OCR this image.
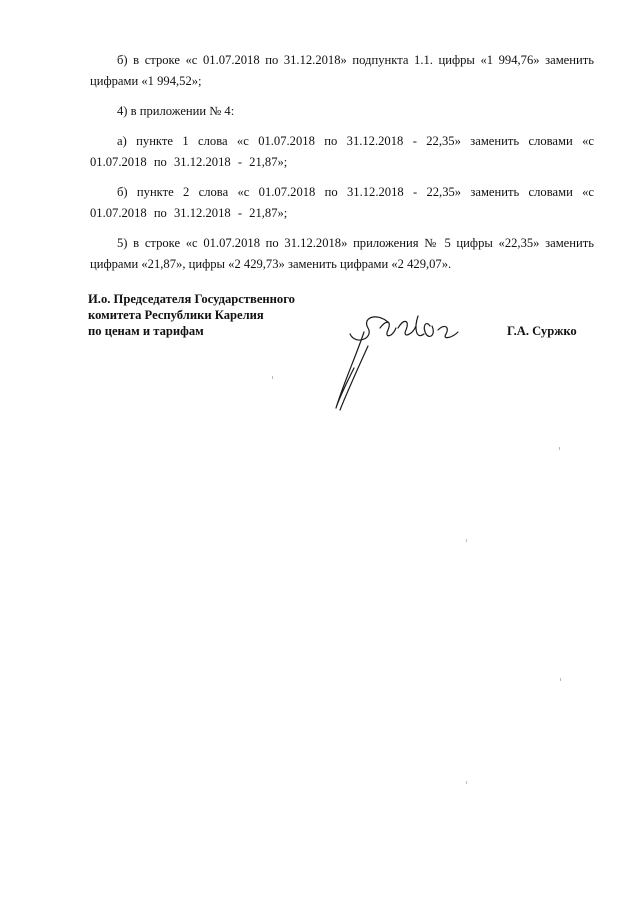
б) в строке «с 01.07.2018 по 31.12.2018» подпункта 1.1. цифры «1 994,76» заменить цифрами «1 994,52»;

4) в приложении № 4:

а) пункте 1 слова «с 01.07.2018 по 31.12.2018 - 22,35» заменить словами «с 01.07.2018 по 31.12.2018 - 21,87»;

б) пункте 2 слова «с 01.07.2018 по 31.12.2018 - 22,35» заменить словами «с 01.07.2018 по 31.12.2018 - 21,87»;

5) в строке «с 01.07.2018 по 31.12.2018» приложения № 5 цифры «22,35» заменить цифрами «21,87», цифры «2 429,73» заменить цифрами «2 429,07».

И.о. Председателя Государственного
комитета Республики Карелия
по ценам и тарифам	Г.А. Суржко
